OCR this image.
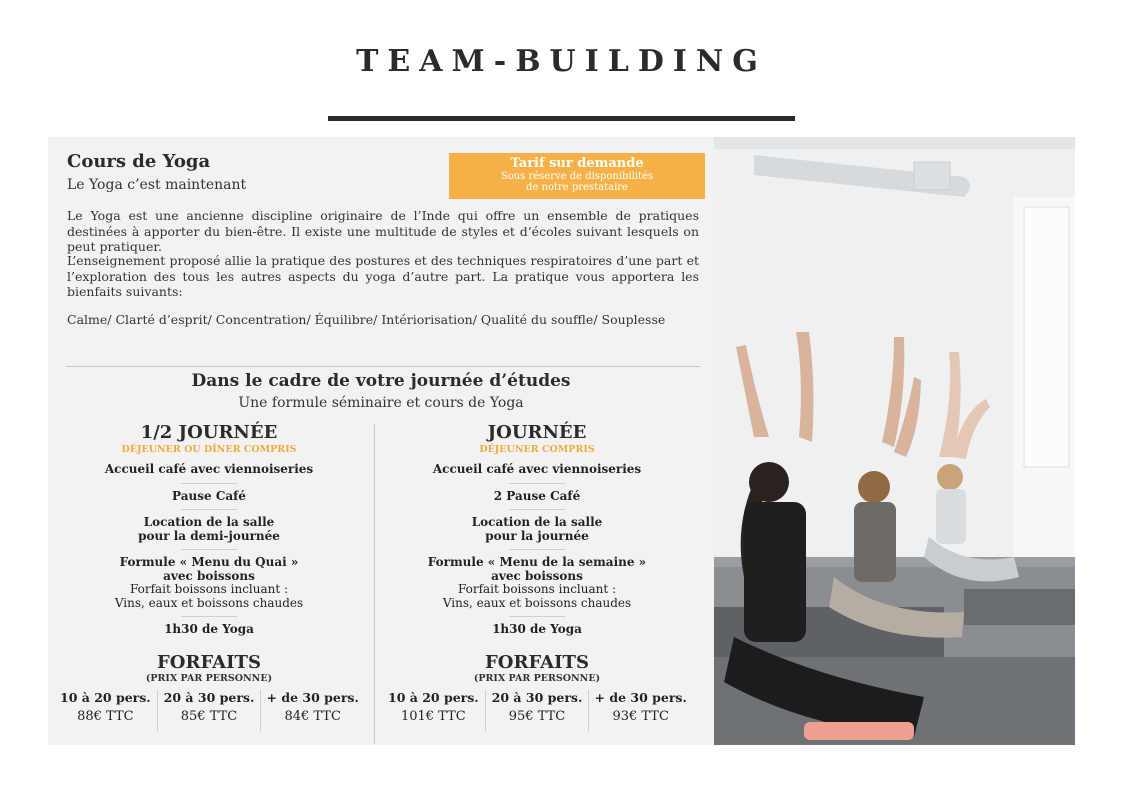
TEAM-BUILDING
Cours de Yoga
Le Yoga c’est maintenant
Tarif sur demande
Sous réserve de disponibilités
de notre prestataire

Le Yoga est une ancienne discipline originaire de l’Inde qui offre un ensemble de pratiques destinées à apporter du bien-être. Il existe une multitude de styles et d’écoles suivant lesquels on peut pratiquer.

L’enseignement proposé allie la pratique des postures et des techniques respiratoires d’une part et l’exploration des tous les autres aspects du yoga d’autre part. La pratique vous apportera les bienfaits suivants:

Calme/ Clarté d’esprit/ Concentration/ Équilibre/ Intériorisation/ Qualité du souffle/ Souplesse

Dans le cadre de votre journée d’études
Une formule séminaire et cours de Yoga
1/2 JOURNÉE
DÉJEUNER OU DÎNER COMPRIS
Accueil café avec viennoiseries
Pause Café
Location de la salle
pour la demi-journée
Formule « Menu du Quai »
avec boissons
Forfait boissons incluant :
Vins, eaux et boissons chaudes
1h30 de Yoga
FORFAITS
(PRIX PAR PERSONNE)
10 à 20 pers.
88€ TTC
20 à 30 pers.
85€ TTC
+ de 30 pers.
84€ TTC
JOURNÉE
DÉJEUNER COMPRIS
Accueil café avec viennoiseries
2 Pause Café
Location de la salle
pour la journée
Formule « Menu de la semaine »
avec boissons
Forfait boissons incluant :
Vins, eaux et boissons chaudes
1h30 de Yoga
FORFAITS
(PRIX PAR PERSONNE)
10 à 20 pers.
101€ TTC
20 à 30 pers.
95€ TTC
+ de 30 pers.
93€ TTC
